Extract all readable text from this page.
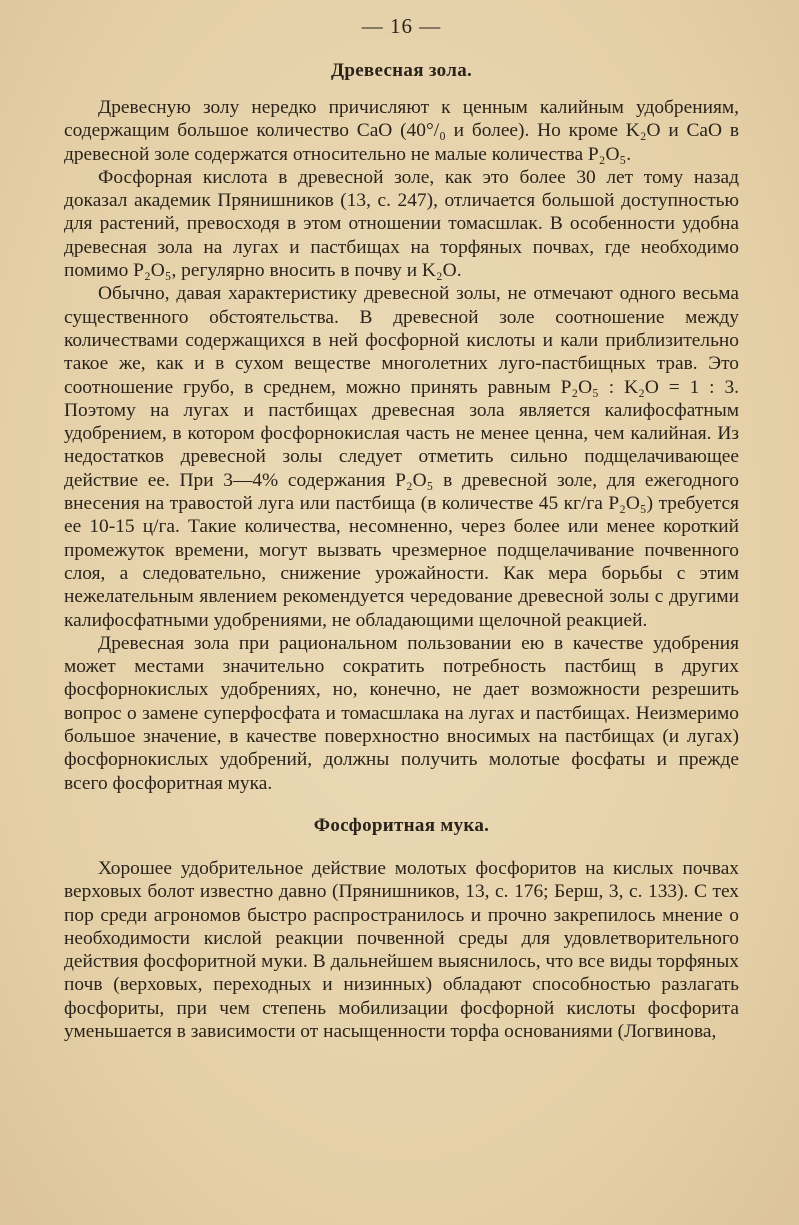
— 16 —
Древесная зола.

Древесную золу нередко причисляют к ценным калийным удобрениям, содержащим большое количество CaO (40°/₀ и более). Но кроме K₂O и CaO в древесной золе содержатся относительно не малые количества P₂O₅.

Фосфорная кислота в древесной золе, как это более 30 лет тому назад доказал академик Прянишников (13, с. 247), отличается большой доступностью для растений, превосходя в этом отношении томасшлак. В особенности удобна древесная зола на лугах и пастбищах на торфяных почвах, где необходимо помимо P₂O₅, регулярно вносить в почву и K₂O.

Обычно, давая характеристику древесной золы, не отмечают одного весьма существенного обстоятельства. В древесной золе соотношение между количествами содержащихся в ней фосфорной кислоты и кали приблизительно такое же, как и в сухом веществе многолетних луго-пастбищных трав. Это соотношение грубо, в среднем, можно принять равным P₂O₅ : K₂O = 1 : 3. Поэтому на лугах и пастбищах древесная зола является калифосфатным удобрением, в котором фосфорнокислая часть не менее ценна, чем калийная. Из недостатков древесной золы следует отметить сильно подщелачивающее действие ее. При 3—4% содержания P₂O₅ в древесной золе, для ежегодного внесения на травостой луга или пастбища (в количестве 45 кг/га P₂O₅) требуется ее 10-15 ц/га. Такие количества, несомненно, через более или менее короткий промежуток времени, могут вызвать чрезмерное подщелачивание почвенного слоя, а следовательно, снижение урожайности. Как мера борьбы с этим нежелательным явлением рекомендуется чередование древесной золы с другими калифосфатными удобрениями, не обладающими щелочной реакцией.

Древесная зола при рациональном пользовании ею в качестве удобрения может местами значительно сократить потребность пастбищ в других фосфорнокислых удобрениях, но, конечно, не дает возможности резрешить вопрос о замене суперфосфата и томасшлака на лугах и пастбищах. Неизмеримо большое значение, в качестве поверхностно вносимых на пастбищах (и лугах) фосфорнокислых удобрений, должны получить молотые фосфаты и прежде всего фосфоритная мука.

Фосфоритная мука.

Хорошее удобрительное действие молотых фосфоритов на кислых почвах верховых болот известно давно (Прянишников, 13, с. 176; Берш, 3, с. 133). С тех пор среди агрономов быстро распространилось и прочно закрепилось мнение о необходимости кислой реакции почвенной среды для удовлетворительного действия фосфоритной муки. В дальнейшем выяснилось, что все виды торфяных почв (верховых, переходных и низинных) обладают способностью разлагать фосфориты, при чем степень мобилизации фосфорной кислоты фосфорита уменьшается в зависимости от насыщенности торфа основаниями (Логвинова,
